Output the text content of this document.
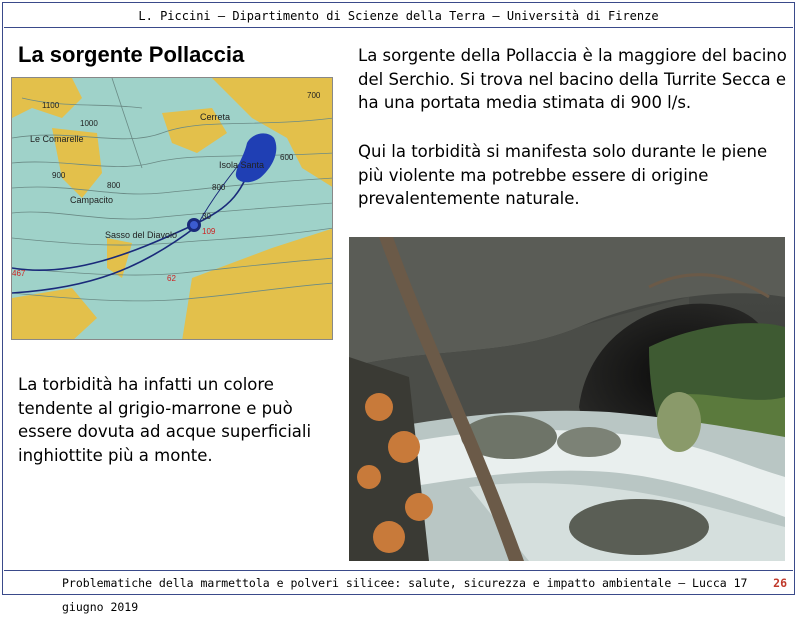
L. Piccini – Dipartimento di Scienze della Terra – Università di Firenze
La sorgente Pollaccia	La sorgente della Pollaccia è la maggiore del bacino del Serchio. Si trova nel bacino della Turrite Secca e ha una portata media stimata di 900 l/s.
Qui la torbidità si manifesta solo durante le piene più violente ma potrebbe essere di origine prevalentemente naturale.
La torbidità ha infatti un colore tendente al grigio-marrone e può essere dovuta ad acque superficiali inghiottite più a monte.
Cerreta
Isola Santa
Le Comarelle
Campacito
Sasso del Diavolo
1100
1000
900
800	800
600
700
30
109
467
62
Problematiche della marmettola e polveri silicee: salute, sicurezza e impatto ambientale – Lucca 17 giugno 2019
26
